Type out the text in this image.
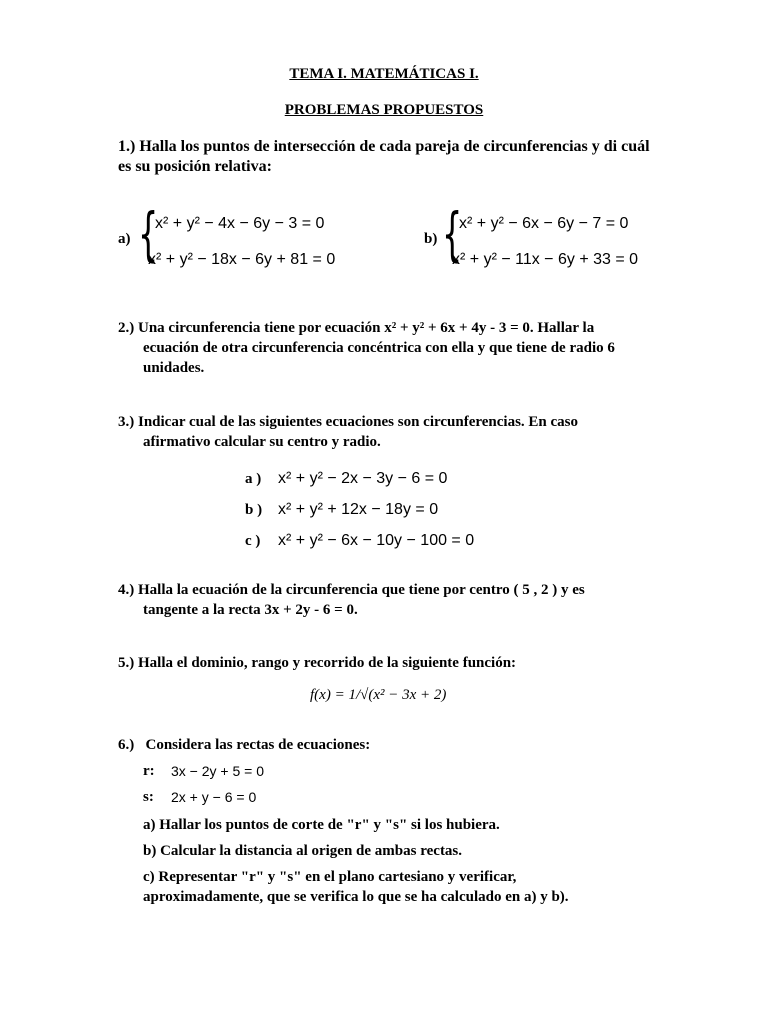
TEMA I. MATEMÁTICAS I.
PROBLEMAS PROPUESTOS
1.) Halla los puntos de intersección de cada pareja de circunferencias y di cuál
es su posición relativa:
a) {
x² + y² − 4x − 6y − 3 = 0
x² + y² − 18x − 6y + 81 = 0
b) {
x² + y² − 6x − 6y − 7 = 0
x² + y² − 11x − 6y + 33 = 0
2.) Una circunferencia tiene por ecuación x² + y² + 6x + 4y - 3 = 0. Hallar la
ecuación de otra circunferencia concéntrica con ella y que tiene de radio 6
unidades.
3.) Indicar cual de las siguientes ecuaciones son circunferencias. En caso
afirmativo calcular su centro y radio.
a ) x² + y² − 2x − 3y − 6 = 0
b ) x² + y² + 12x − 18y = 0
c ) x² + y² − 6x − 10y − 100 = 0
4.) Halla la ecuación de la circunferencia que tiene por centro ( 5 , 2 ) y es
tangente a la recta 3x + 2y - 6 = 0.
5.) Halla el dominio, rango y recorrido de la siguiente función:
f(x) = 1/√(x² − 3x + 2)
6.)   Considera las rectas de ecuaciones:
r: 3x − 2y + 5 = 0
s: 2x + y − 6 = 0
a) Hallar los puntos de corte de "r" y "s" si los hubiera.
b) Calcular la distancia al origen de ambas rectas.
c) Representar "r" y "s" en el plano cartesiano y verificar,
aproximadamente, que se verifica lo que se ha calculado en a) y b).
